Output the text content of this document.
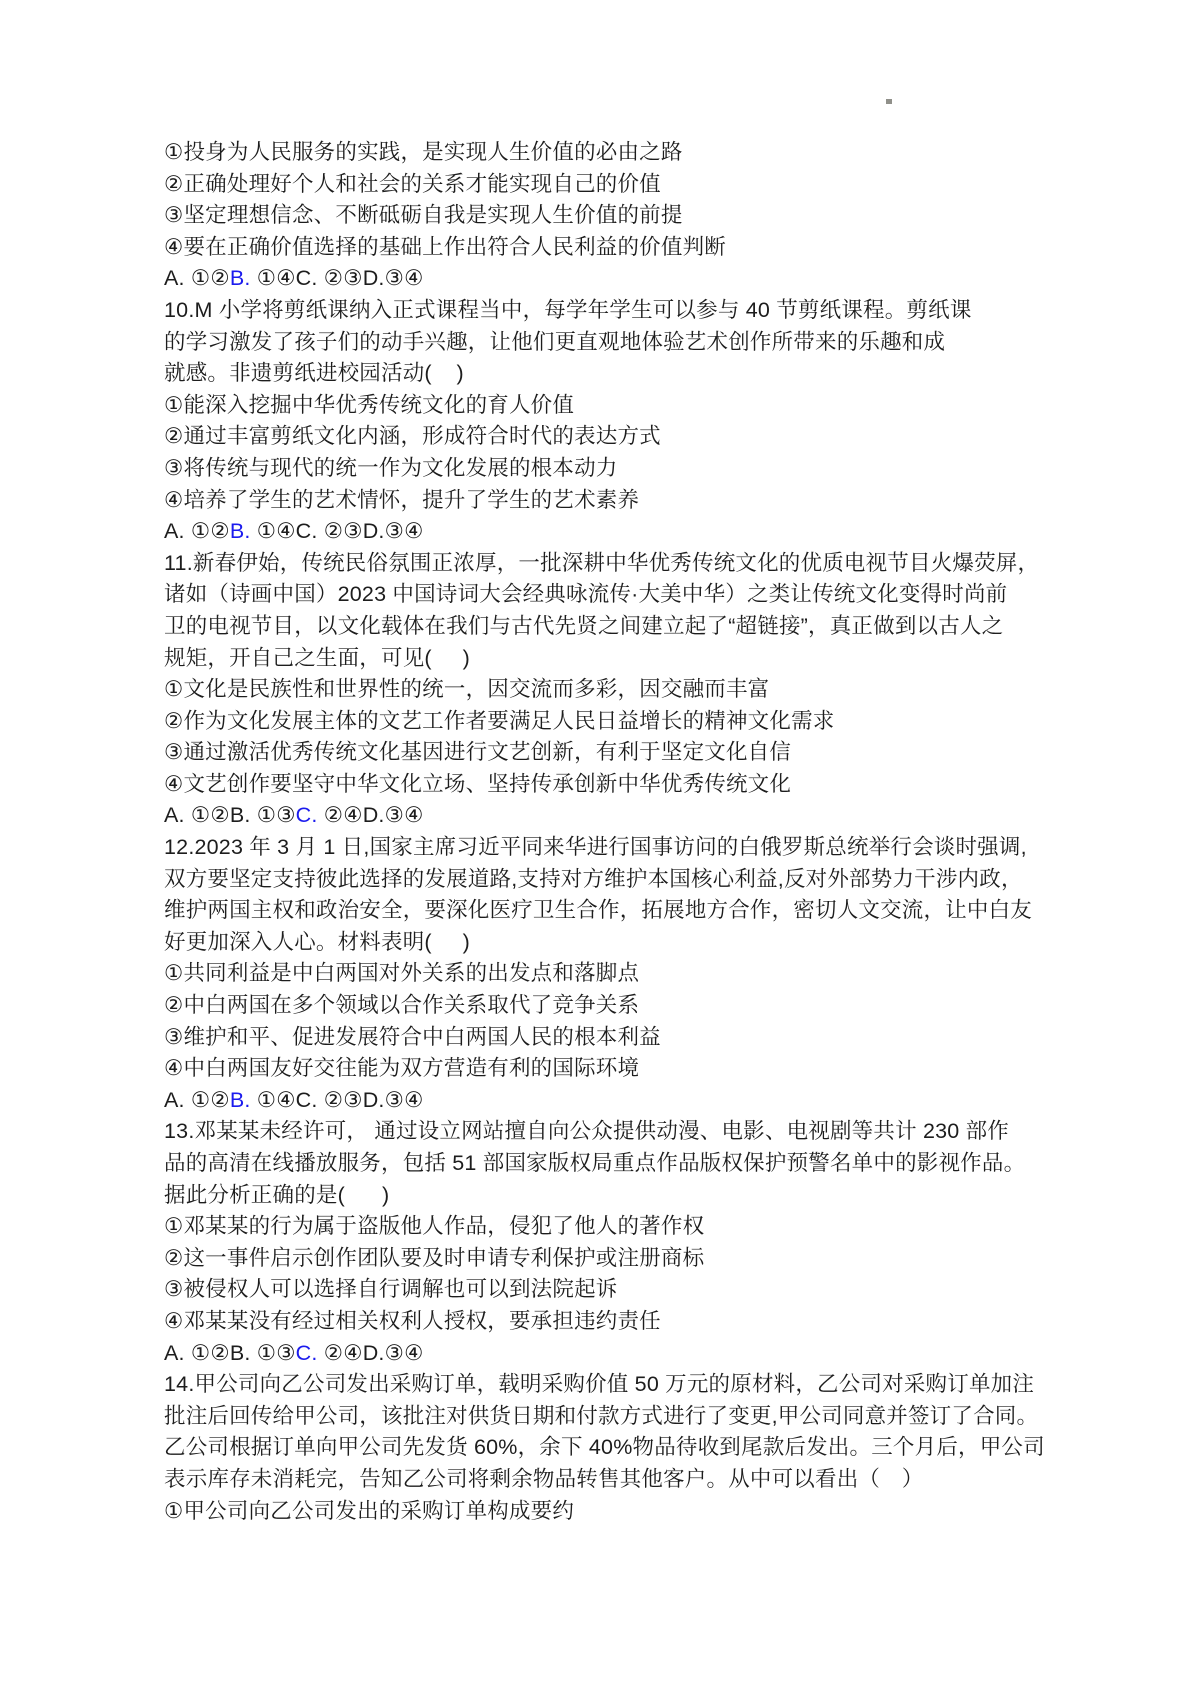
①投身为人民服务的实践，是实现人生价值的必由之路
②正确处理好个人和社会的关系才能实现自己的价值
③坚定理想信念、不断砥砺自我是实现人生价值的前提
④要在正确价值选择的基础上作出符合人民利益的价值判断
A. ①②B. ①④C. ②③D.③④
10.M 小学将剪纸课纳入正式课程当中，每学年学生可以参与 40 节剪纸课程。剪纸课
的学习激发了孩子们的动手兴趣，让他们更直观地体验艺术创作所带来的乐趣和成
就感。非遗剪纸进校园活动(    )
①能深入挖掘中华优秀传统文化的育人价值
②通过丰富剪纸文化内涵，形成符合时代的表达方式
③将传统与现代的统一作为文化发展的根本动力
④培养了学生的艺术情怀，提升了学生的艺术素养
A. ①②B. ①④C. ②③D.③④
11.新春伊始，传统民俗氛围正浓厚，一批深耕中华优秀传统文化的优质电视节目火爆荧屏，
诸如（诗画中国）2023 中国诗词大会经典咏流传·大美中华）之类让传统文化变得时尚前
卫的电视节目，以文化载体在我们与古代先贤之间建立起了“超链接”，真正做到以古人之
规矩，开自己之生面，可见(     )
①文化是民族性和世界性的统一，因交流而多彩，因交融而丰富
②作为文化发展主体的文艺工作者要满足人民日益增长的精神文化需求
③通过激活优秀传统文化基因进行文艺创新，有利于坚定文化自信
④文艺创作要坚守中华文化立场、坚持传承创新中华优秀传统文化
A. ①②B. ①③C. ②④D.③④
12.2023 年 3 月 1 日,国家主席习近平同来华进行国事访问的白俄罗斯总统举行会谈时强调,
双方要坚定支持彼此选择的发展道路,支持对方维护本国核心利益,反对外部势力干涉内政，
维护两国主权和政治安全，要深化医疗卫生合作，拓展地方合作，密切人文交流，让中白友
好更加深入人心。材料表明(     )
①共同利益是中白两国对外关系的出发点和落脚点
②中白两国在多个领域以合作关系取代了竞争关系
③维护和平、促进发展符合中白两国人民的根本利益
④中白两国友好交往能为双方营造有利的国际环境
A. ①②B. ①④C. ②③D.③④
13.邓某某未经许可， 通过设立网站擅自向公众提供动漫、电影、电视剧等共计 230 部作
品的高清在线播放服务，包括 51 部国家版权局重点作品版权保护预警名单中的影视作品。
据此分析正确的是(      )
①邓某某的行为属于盗版他人作品，侵犯了他人的著作权
②这一事件启示创作团队要及时申请专利保护或注册商标
③被侵权人可以选择自行调解也可以到法院起诉
④邓某某没有经过相关权利人授权，要承担违约责任
A. ①②B. ①③C. ②④D.③④
14.甲公司向乙公司发出采购订单，载明采购价值 50 万元的原材料，乙公司对采购订单加注
批注后回传给甲公司，该批注对供货日期和付款方式进行了变更,甲公司同意并签订了合同。
乙公司根据订单向甲公司先发货 60%，余下 40%物品待收到尾款后发出。三个月后，甲公司
表示库存未消耗完，告知乙公司将剩余物品转售其他客户。从中可以看出（　）
①甲公司向乙公司发出的采购订单构成要约
